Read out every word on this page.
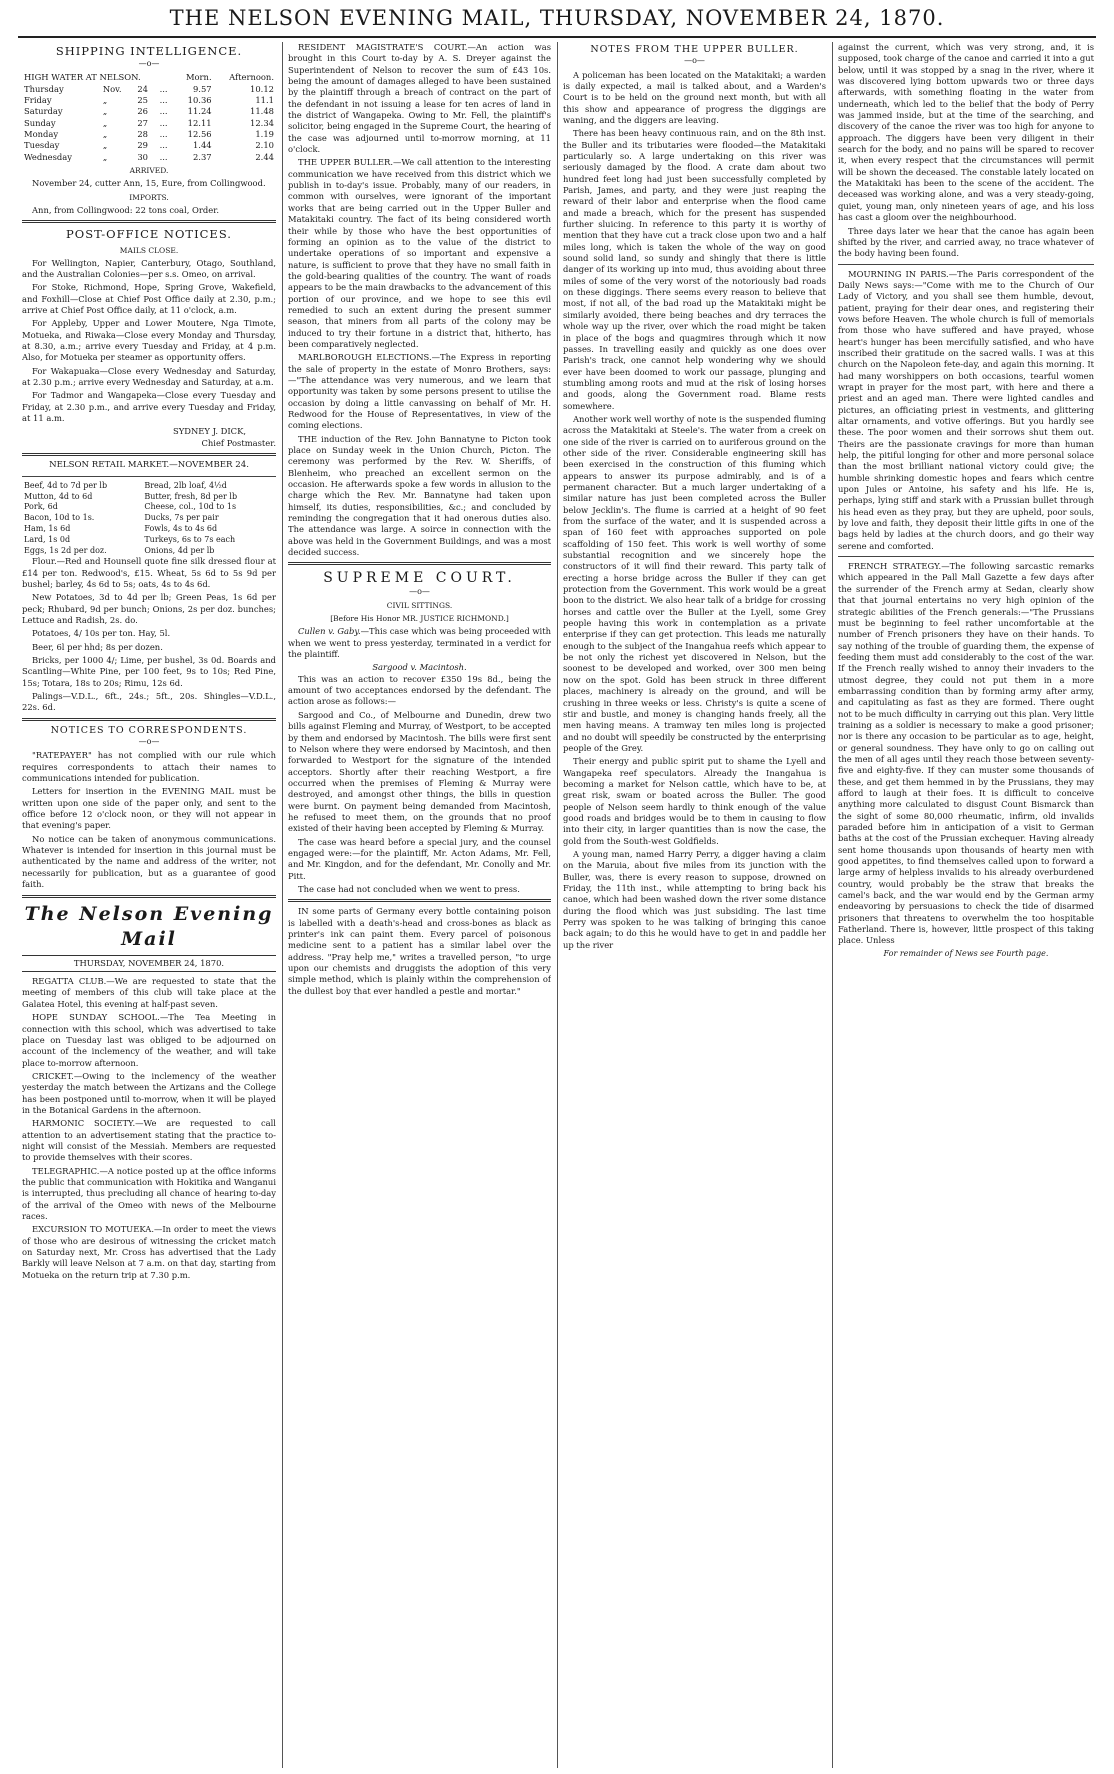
THE NELSON EVENING MAIL, THURSDAY, NOVEMBER 24, 1870.
SHIPPING INTELLIGENCE.
—o—
HIGH WATER AT NELSON.				Morn.	Afternoon.
Thursday	Nov.	24	...	9.57	10.12
Friday	„	25	...	10.36	11.1
Saturday	„	26	...	11.24	11.48
Sunday	„	27	...	12.11	12.34
Monday	„	28	...	12.56	1.19
Tuesday	„	29	...	1.44	2.10
Wednesday	„	30	...	2.37	2.44
ARRIVED.

November 24, cutter Ann, 15, Eure, from Collingwood.

IMPORTS.

Ann, from Collingwood: 22 tons coal, Order.

POST-OFFICE NOTICES.
MAILS CLOSE.

For Wellington, Napier, Canterbury, Otago, Southland, and the Australian Colonies—per s.s. Omeo, on arrival.

For Stoke, Richmond, Hope, Spring Grove, Wakefield, and Foxhill—Close at Chief Post Office daily at 2.30, p.m.; arrive at Chief Post Office daily, at 11 o'clock, a.m.

For Appleby, Upper and Lower Moutere, Nga Timote, Motueka, and Riwaka—Close every Monday and Thursday, at 8.30, a.m.; arrive every Tuesday and Friday, at 4 p.m. Also, for Motueka per steamer as opportunity offers.

For Wakapuaka—Close every Wednesday and Saturday, at 2.30 p.m.; arrive every Wednesday and Saturday, at a.m.

For Tadmor and Wangapeka—Close every Tuesday and Friday, at 2.30 p.m., and arrive every Tuesday and Friday, at 11 a.m.

SYDNEY J. DICK,
Chief Postmaster.
NELSON RETAIL MARKET.—NOVEMBER 24.
Beef, 4d to 7d per lb	Bread, 2lb loaf, 4½d
Mutton, 4d to 6d	Butter, fresh, 8d per lb
Pork, 6d	Cheese, col., 10d to 1s
Bacon, 10d to 1s.	Ducks, 7s per pair
Ham, 1s 6d	Fowls, 4s to 4s 6d
Lard, 1s 0d	Turkeys, 6s to 7s each
Eggs, 1s 2d per doz.	Onions, 4d per lb

Flour.—Red and Hounsell quote fine silk dressed flour at £14 per ton. Redwood's, £15. Wheat, 5s 6d to 5s 9d per bushel; barley, 4s 6d to 5s; oats, 4s to 4s 6d.

New Potatoes, 3d to 4d per lb; Green Peas, 1s 6d per peck; Rhubard, 9d per bunch; Onions, 2s per doz. bunches; Lettuce and Radish, 2s. do.

Potatoes, 4/ 10s per ton. Hay, 5l.

Beer, 6l per hhd; 8s per dozen.

Bricks, per 1000 4/; Lime, per bushel, 3s 0d. Boards and Scantling—White Pine, per 100 feet, 9s to 10s; Red Pine, 15s; Totara, 18s to 20s; Rimu, 12s 6d.

Palings—V.D.L., 6ft., 24s.; 5ft., 20s. Shingles—V.D.L., 22s. 6d.

NOTICES TO CORRESPONDENTS.
—o—

"RATEPAYER" has not complied with our rule which requires correspondents to attach their names to communications intended for publication.

Letters for insertion in the EVENING MAIL must be written upon one side of the paper only, and sent to the office before 12 o'clock noon, or they will not appear in that evening's paper.

No notice can be taken of anonymous communications. Whatever is intended for insertion in this journal must be authenticated by the name and address of the writer, not necessarily for publication, but as a guarantee of good faith.

The Nelson Evening Mail
THURSDAY, NOVEMBER 24, 1870.

REGATTA CLUB.—We are requested to state that the meeting of members of this club will take place at the Galatea Hotel, this evening at half-past seven.

HOPE SUNDAY SCHOOL.—The Tea Meeting in connection with this school, which was advertised to take place on Tuesday last was obliged to be adjourned on account of the inclemency of the weather, and will take place to-morrow afternoon.

CRICKET.—Owing to the inclemency of the weather yesterday the match between the Artizans and the College has been postponed until to-morrow, when it will be played in the Botanical Gardens in the afternoon.

HARMONIC SOCIETY.—We are requested to call attention to an advertisement stating that the practice to-night will consist of the Messiah. Members are requested to provide themselves with their scores.

TELEGRAPHIC.—A notice posted up at the office informs the public that communication with Hokitika and Wanganui is interrupted, thus precluding all chance of hearing to-day of the arrival of the Omeo with news of the Melbourne races.

EXCURSION TO MOTUEKA.—In order to meet the views of those who are desirous of witnessing the cricket match on Saturday next, Mr. Cross has advertised that the Lady Barkly will leave Nelson at 7 a.m. on that day, starting from Motueka on the return trip at 7.30 p.m.

RESIDENT MAGISTRATE'S COURT.—An action was brought in this Court to-day by A. S. Dreyer against the Superintendent of Nelson to recover the sum of £43 10s. being the amount of damages alleged to have been sustained by the plaintiff through a breach of contract on the part of the defendant in not issuing a lease for ten acres of land in the district of Wangapeka. Owing to Mr. Fell, the plaintiff's solicitor, being engaged in the Supreme Court, the hearing of the case was adjourned until to-morrow morning, at 11 o'clock.

THE UPPER BULLER.—We call attention to the interesting communication we have received from this district which we publish in to-day's issue. Probably, many of our readers, in common with ourselves, were ignorant of the important works that are being carried out in the Upper Buller and Matakitaki country. The fact of its being considered worth their while by those who have the best opportunities of forming an opinion as to the value of the district to undertake operations of so important and expensive a nature, is sufficient to prove that they have no small faith in the gold-bearing qualities of the country. The want of roads appears to be the main drawbacks to the advancement of this portion of our province, and we hope to see this evil remedied to such an extent during the present summer season, that miners from all parts of the colony may be induced to try their fortune in a district that, hitherto, has been comparatively neglected.

MARLBOROUGH ELECTIONS.—The Express in reporting the sale of property in the estate of Monro Brothers, says:—"The attendance was very numerous, and we learn that opportunity was taken by some persons present to utilise the occasion by doing a little canvassing on behalf of Mr. H. Redwood for the House of Representatives, in view of the coming elections.

THE induction of the Rev. John Bannatyne to Picton took place on Sunday week in the Union Church, Picton. The ceremony was performed by the Rev. W. Sheriffs, of Blenheim, who preached an excellent sermon on the occasion. He afterwards spoke a few words in allusion to the charge which the Rev. Mr. Bannatyne had taken upon himself, its duties, responsibilities, &c.; and concluded by reminding the congregation that it had onerous duties also. The attendance was large. A soirce in connection with the above was held in the Government Buildings, and was a most decided success.

SUPREME COURT.
—o—
CIVIL SITTINGS.
[Before His Honor MR. JUSTICE RICHMOND.]

Cullen v. Gaby.—This case which was being proceeded with when we went to press yesterday, terminated in a verdict for the plaintiff.

Sargood v. Macintosh.

This was an action to recover £350 19s 8d., being the amount of two acceptances endorsed by the defendant. The action arose as follows:—

Sargood and Co., of Melbourne and Dunedin, drew two bills against Fleming and Murray, of Westport, to be accepted by them and endorsed by Macintosh. The bills were first sent to Nelson where they were endorsed by Macintosh, and then forwarded to Westport for the signature of the intended acceptors. Shortly after their reaching Westport, a fire occurred when the premises of Fleming & Murray were destroyed, and amongst other things, the bills in question were burnt. On payment being demanded from Macintosh, he refused to meet them, on the grounds that no proof existed of their having been accepted by Fleming & Murray.

The case was heard before a special jury, and the counsel engaged were:—for the plaintiff, Mr. Acton Adams, Mr. Fell, and Mr. Kingdon, and for the defendant, Mr. Conolly and Mr. Pitt.

The case had not concluded when we went to press.

IN some parts of Germany every bottle containing poison is labelled with a death's-head and cross-bones as black as printer's ink can paint them. Every parcel of poisonous medicine sent to a patient has a similar label over the address. "Pray help me," writes a travelled person, "to urge upon our chemists and druggists the adoption of this very simple method, which is plainly within the comprehension of the dullest boy that ever handled a pestle and mortar."

NOTES FROM THE UPPER BULLER.
—o—

A policeman has been located on the Matakitaki; a warden is daily expected, a mail is talked about, and a Warden's Court is to be held on the ground next month, but with all this show and appearance of progress the diggings are waning, and the diggers are leaving.

There has been heavy continuous rain, and on the 8th inst. the Buller and its tributaries were flooded—the Matakitaki particularly so. A large undertaking on this river was seriously damaged by the flood. A crate dam about two hundred feet long had just been successfully completed by Parish, James, and party, and they were just reaping the reward of their labor and enterprise when the flood came and made a breach, which for the present has suspended further sluicing. In reference to this party it is worthy of mention that they have cut a track close upon two and a half miles long, which is taken the whole of the way on good sound solid land, so sundy and shingly that there is little danger of its working up into mud, thus avoiding about three miles of some of the very worst of the notoriously bad roads on these diggings. There seems every reason to believe that most, if not all, of the bad road up the Matakitaki might be similarly avoided, there being beaches and dry terraces the whole way up the river, over which the road might be taken in place of the bogs and quagmires through which it now passes. In travelling easily and quickly as one does over Parish's track, one cannot help wondering why we should ever have been doomed to work our passage, plunging and stumbling among roots and mud at the risk of losing horses and goods, along the Government road. Blame rests somewhere.

Another work well worthy of note is the suspended fluming across the Matakitaki at Steele's. The water from a creek on one side of the river is carried on to auriferous ground on the other side of the river. Considerable engineering skill has been exercised in the construction of this fluming which appears to answer its purpose admirably, and is of a permanent character. But a much larger undertaking of a similar nature has just been completed across the Buller below Jecklin's. The flume is carried at a height of 90 feet from the surface of the water, and it is suspended across a span of 160 feet with approaches supported on pole scaffolding of 150 feet. This work is well worthy of some substantial recognition and we sincerely hope the constructors of it will find their reward. This party talk of erecting a horse bridge across the Buller if they can get protection from the Government. This work would be a great boon to the district. We also hear talk of a bridge for crossing horses and cattle over the Buller at the Lyell, some Grey people having this work in contemplation as a private enterprise if they can get protection. This leads me naturally enough to the subject of the Inangahua reefs which appear to be not only the richest yet discovered in Nelson, but the soonest to be developed and worked, over 300 men being now on the spot. Gold has been struck in three different places, machinery is already on the ground, and will be crushing in three weeks or less. Christy's is quite a scene of stir and bustle, and money is changing hands freely, all the men having means. A tramway ten miles long is projected and no doubt will speedily be constructed by the enterprising people of the Grey.

Their energy and public spirit put to shame the Lyell and Wangapeka reef speculators. Already the Inangahua is becoming a market for Nelson cattle, which have to be, at great risk, swam or boated across the Buller. The good people of Nelson seem hardly to think enough of the value good roads and bridges would be to them in causing to flow into their city, in larger quantities than is now the case, the gold from the South-west Goldfields.

A young man, named Harry Perry, a digger having a claim on the Maruia, about five miles from its junction with the Buller, was, there is every reason to suppose, drowned on Friday, the 11th inst., while attempting to bring back his canoe, which had been washed down the river some distance during the flood which was just subsiding. The last time Perry was spoken to he was talking of bringing this canoe back again; to do this he would have to get in and paddle her up the river

against the current, which was very strong, and, it is supposed, took charge of the canoe and carried it into a gut below, until it was stopped by a snag in the river, where it was discovered lying bottom upwards two or three days afterwards, with something floating in the water from underneath, which led to the belief that the body of Perry was jammed inside, but at the time of the searching, and discovery of the canoe the river was too high for anyone to approach. The diggers have been very diligent in their search for the body, and no pains will be spared to recover it, when every respect that the circumstances will permit will be shown the deceased. The constable lately located on the Matakitaki has been to the scene of the accident. The deceased was working alone, and was a very steady-going, quiet, young man, only nineteen years of age, and his loss has cast a gloom over the neighbourhood.

Three days later we hear that the canoe has again been shifted by the river, and carried away, no trace whatever of the body having been found.

MOURNING IN PARIS.—The Paris correspondent of the Daily News says:—"Come with me to the Church of Our Lady of Victory, and you shall see them humble, devout, patient, praying for their dear ones, and registering their vows before Heaven. The whole church is full of memorials from those who have suffered and have prayed, whose heart's hunger has been mercifully satisfied, and who have inscribed their gratitude on the sacred walls. I was at this church on the Napoleon fete-day, and again this morning. It had many worshippers on both occasions, tearful women wrapt in prayer for the most part, with here and there a priest and an aged man. There were lighted candles and pictures, an officiating priest in vestments, and glittering altar ornaments, and votive offerings. But you hardly see these. The poor women and their sorrows shut them out. Theirs are the passionate cravings for more than human help, the pitiful longing for other and more personal solace than the most brilliant national victory could give; the humble shrinking domestic hopes and fears which centre upon Jules or Antoine, his safety and his life. He is, perhaps, lying stiff and stark with a Prussian bullet through his head even as they pray, but they are upheld, poor souls, by love and faith, they deposit their little gifts in one of the bags held by ladies at the church doors, and go their way serene and comforted.

FRENCH STRATEGY.—The following sarcastic remarks which appeared in the Pall Mall Gazette a few days after the surrender of the French army at Sedan, clearly show that that journal entertains no very high opinion of the strategic abilities of the French generals:—"The Prussians must be beginning to feel rather uncomfortable at the number of French prisoners they have on their hands. To say nothing of the trouble of guarding them, the expense of feeding them must add considerably to the cost of the war. If the French really wished to annoy their invaders to the utmost degree, they could not put them in a more embarrassing condition than by forming army after army, and capitulating as fast as they are formed. There ought not to be much difficulty in carrying out this plan. Very little training as a soldier is necessary to make a good prisoner; nor is there any occasion to be particular as to age, height, or general soundness. They have only to go on calling out the men of all ages until they reach those between seventy-five and eighty-five. If they can muster some thousands of these, and get them hemmed in by the Prussians, they may afford to laugh at their foes. It is difficult to conceive anything more calculated to disgust Count Bismarck than the sight of some 80,000 rheumatic, infirm, old invalids paraded before him in anticipation of a visit to German baths at the cost of the Prussian exchequer. Having already sent home thousands upon thousands of hearty men with good appetites, to find themselves called upon to forward a large army of helpless invalids to his already overburdened country, would probably be the straw that breaks the camel's back, and the war would end by the German army endeavoring by persuasions to check the tide of disarmed prisoners that threatens to overwhelm the too hospitable Fatherland. There is, however, little prospect of this taking place. Unless

For remainder of News see Fourth page.
